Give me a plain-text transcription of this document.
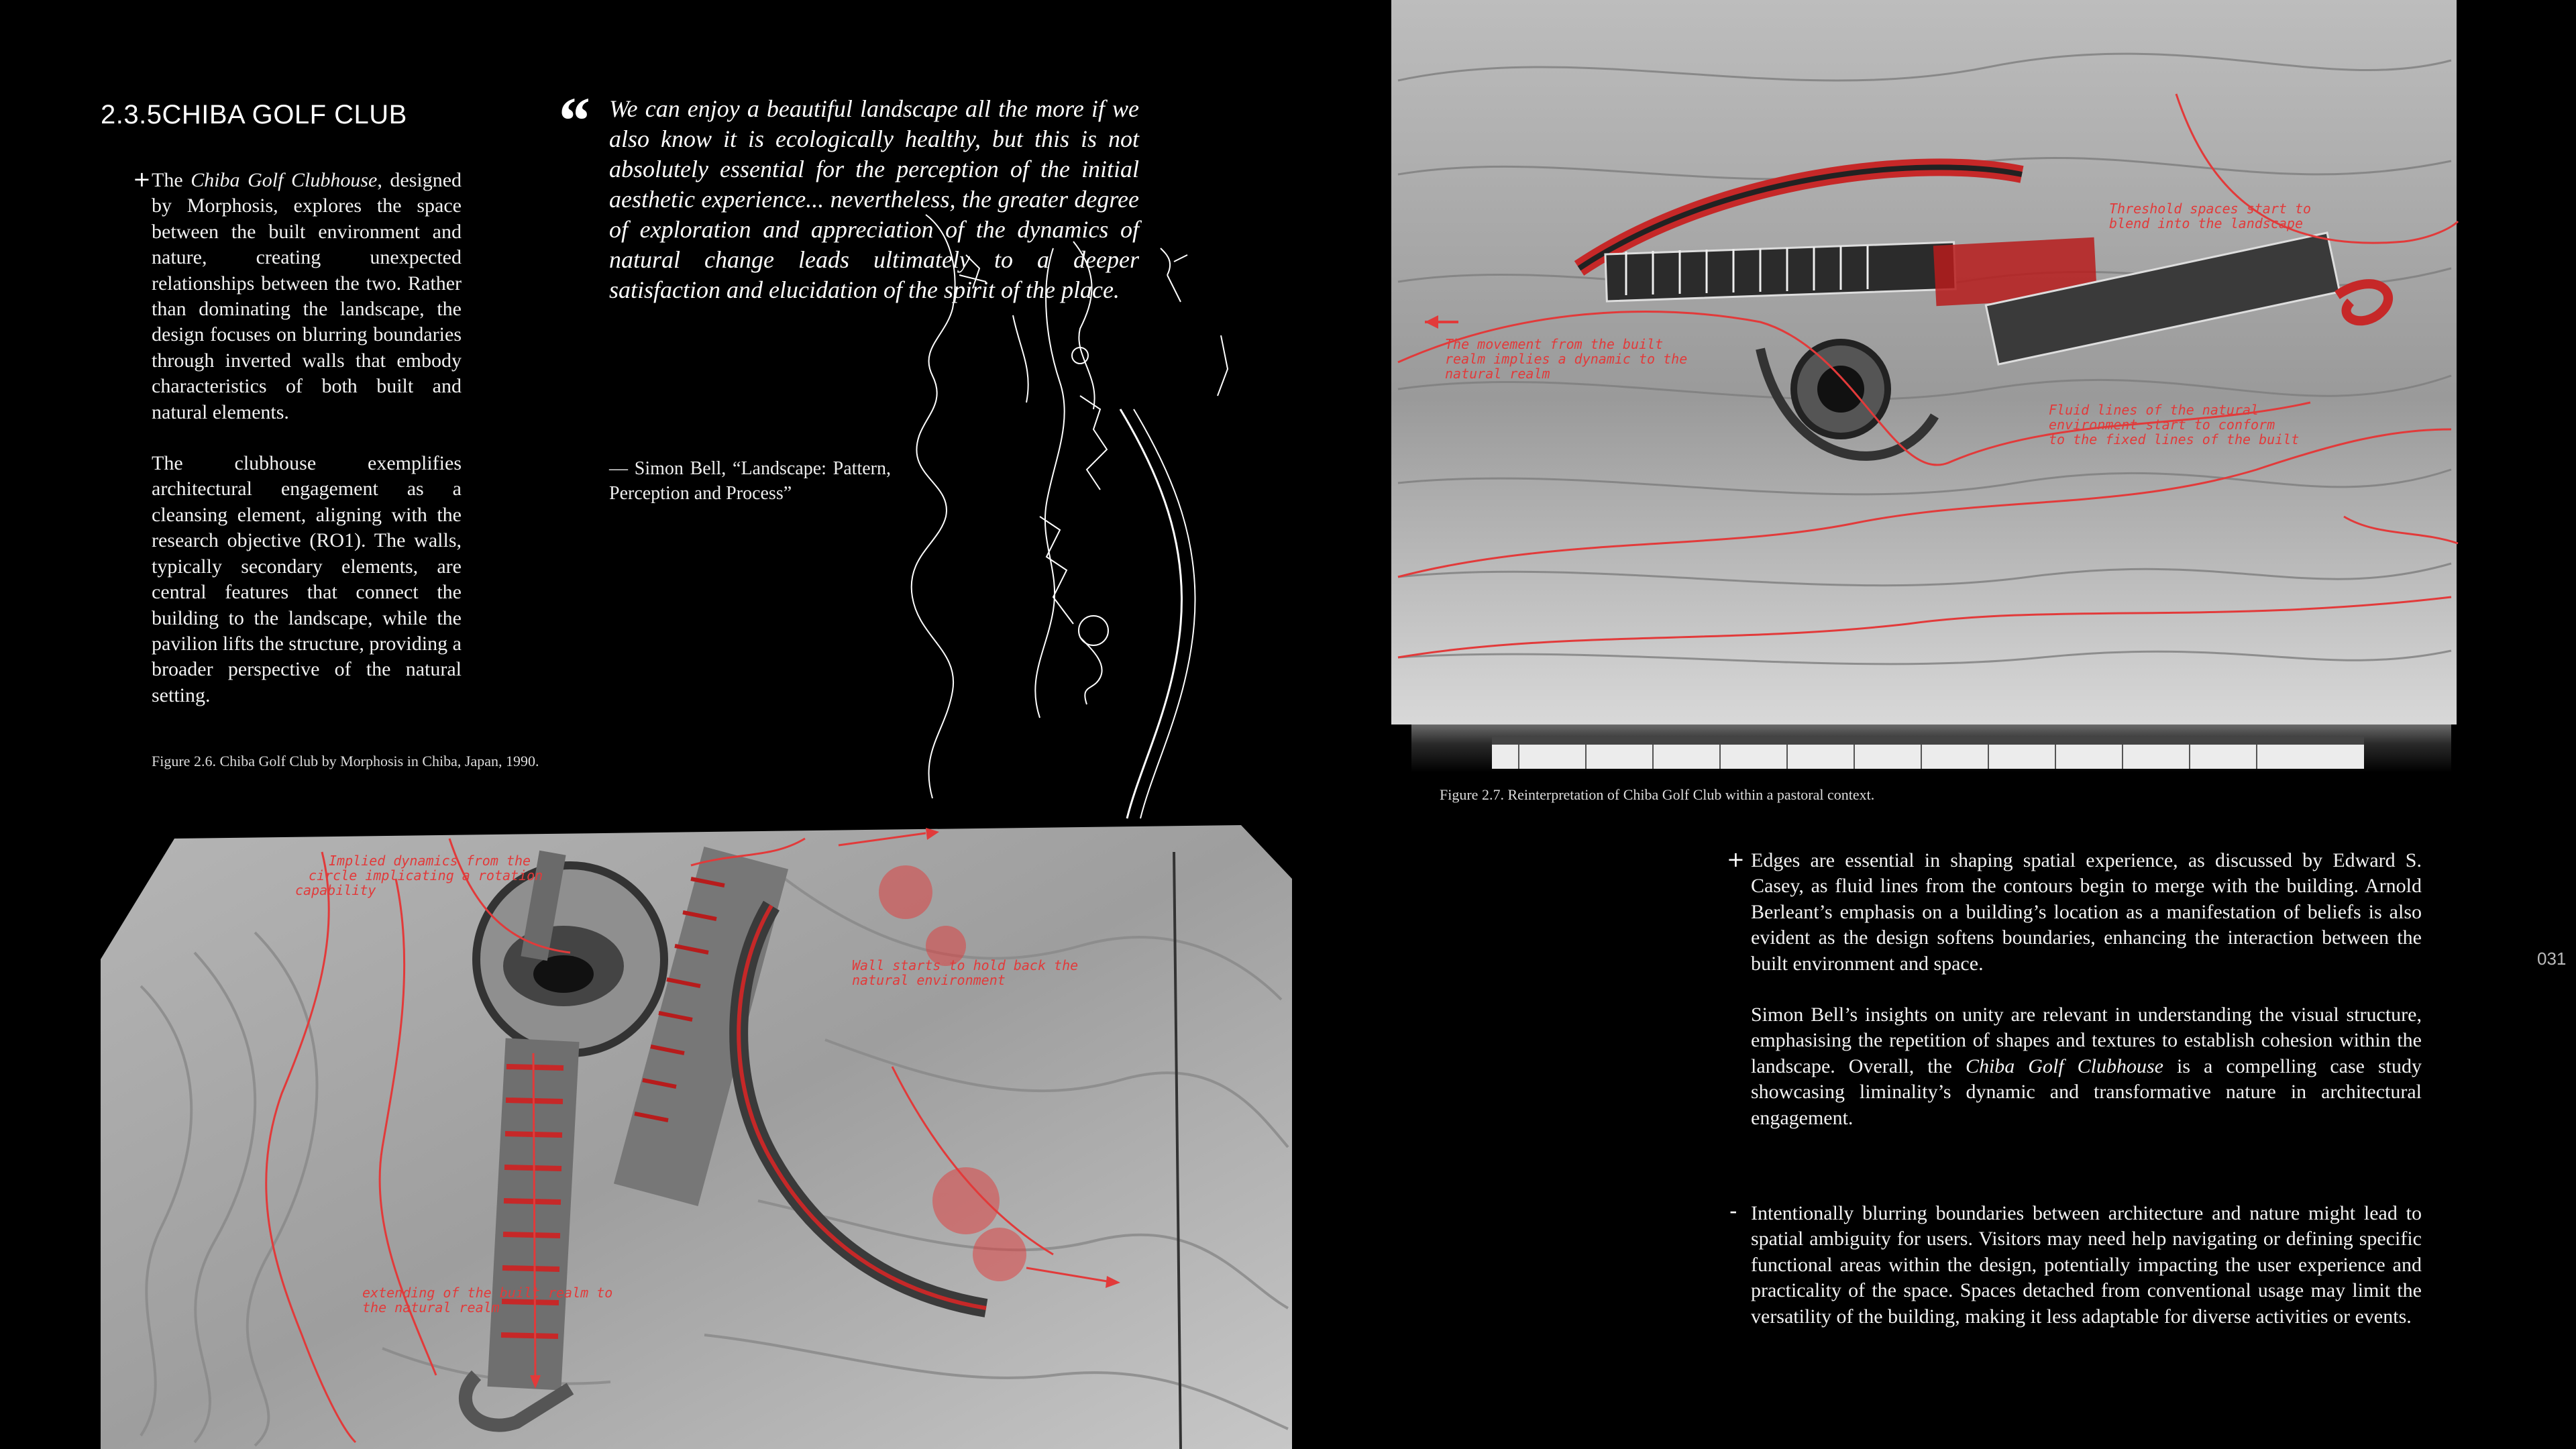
2.3.5CHIBA GOLF CLUB
+ The Chiba Golf Clubhouse, designed by Morphosis, explores the space between the built environment and nature, creating unexpected relationships between the two. Rather than dominating the landscape, the design focuses on blurring boundaries through inverted walls that embody characteristics of both built and natural elements.

The clubhouse exemplifies architectural engagement as a cleansing element, aligning with the research objective (RO1). The walls, typically secondary elements, are central features that connect the building to the landscape, while the pavilion lifts the structure, providing a broader perspective of the natural setting.

Figure 2.6. Chiba Golf Club by Morphosis in Chiba, Japan, 1990.
“ We can enjoy a beautiful landscape all the more if we also know it is ecologically healthy, but this is not absolutely essential for the perception of the initial aesthetic experience... nevertheless, the greater degree of exploration and appreciation of the dynamics of natural change leads ultimately to a deeper satisfaction and elucidation of the spirit of the place.
— Simon Bell, “Landscape: Pattern, Perception and Process”
Threshold spaces start to
blend into the landscape
The movement from the built
realm implies a dynamic to the
natural realm
Fluid lines of the natural
environment start to conform
to the fixed lines of the built
Figure 2.7. Reinterpretation of Chiba Golf Club within a pastoral context.
Implied dynamics from the
circle implicating a rotation
capability
Wall starts to hold back the
natural environment
extending of the built realm to
the natural realm
+ Edges are essential in shaping spatial experience, as discussed by Edward S. Casey, as fluid lines from the contours begin to merge with the building. Arnold Berleant’s emphasis on a building’s location as a manifestation of beliefs is also evident as the design softens boundaries, enhancing the interaction between the built environment and space.

Simon Bell’s insights on unity are relevant in understanding the visual structure, emphasising the repetition of shapes and textures to establish cohesion within the landscape. Overall, the Chiba Golf Clubhouse is a compelling case study showcasing liminality’s dynamic and transformative nature in architectural engagement.

- Intentionally blurring boundaries between architecture and nature might lead to spatial ambiguity for users. Visitors may need help navigating or defining specific functional areas within the design, potentially impacting the user experience and practicality of the space. Spaces detached from conventional usage may limit the versatility of the building, making it less adaptable for diverse activities or events.
031
